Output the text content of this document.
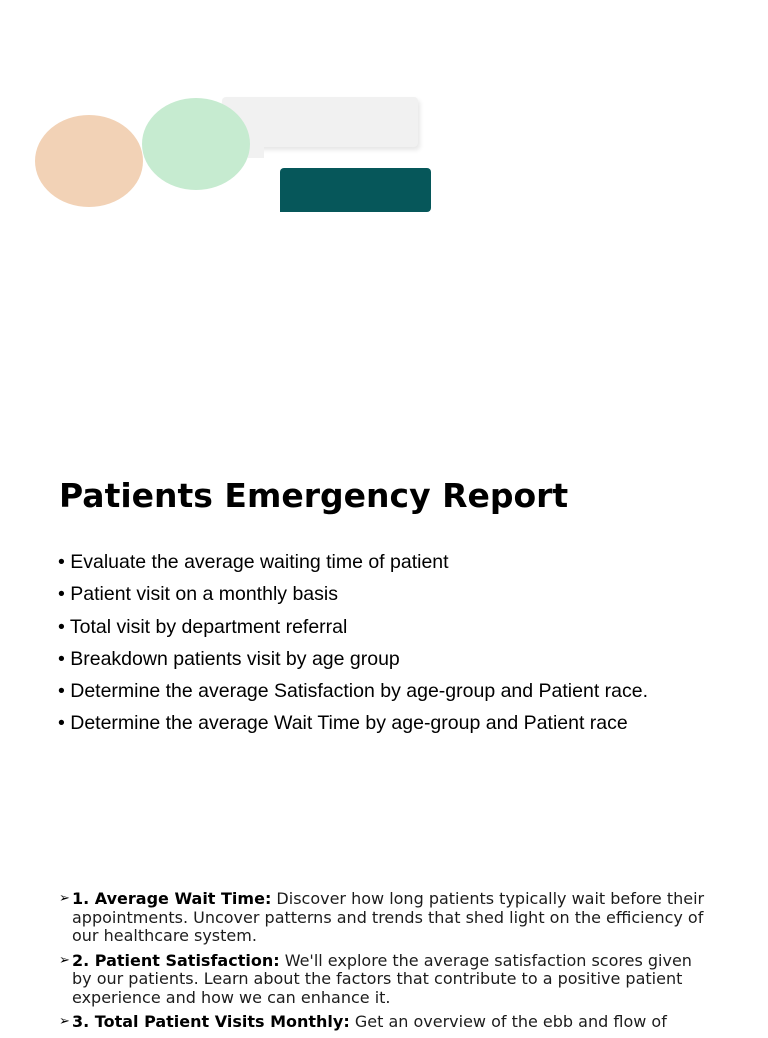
Patients Emergency Report
• Evaluate the average waiting time of patient
• Patient visit on a monthly basis
• Total visit by department referral
• Breakdown patients visit by age group
• Determine the average Satisfaction by age-group and Patient race.
• Determine the average Wait Time by age-group and Patient race
➢ 1. Average Wait Time: Discover how long patients typically wait before their appointments. Uncover patterns and trends that shed light on the efficiency of our healthcare system.
➢ 2. Patient Satisfaction: We'll explore the average satisfaction scores given by our patients. Learn about the factors that contribute to a positive patient experience and how we can enhance it.
➢ 3. Total Patient Visits Monthly: Get an overview of the ebb and flow of
